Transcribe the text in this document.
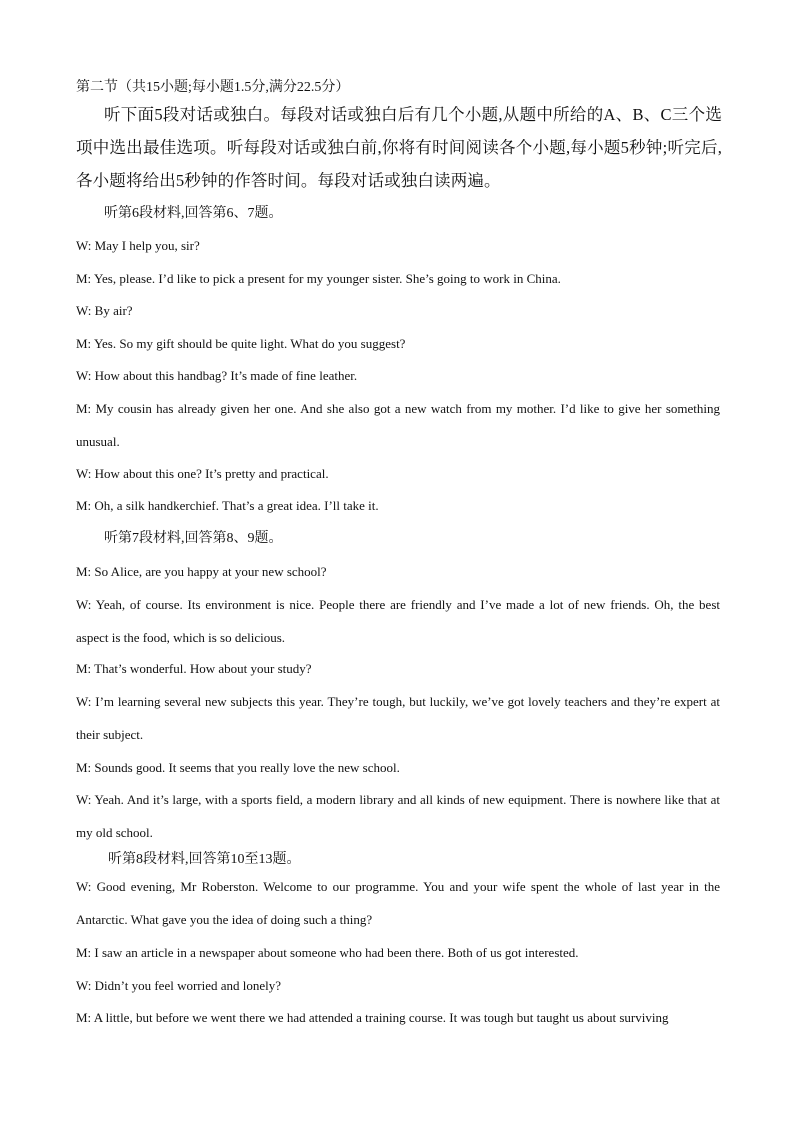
第二节（共15小题;每小题1.5分,满分22.5分）
听下面5段对话或独白。每段对话或独白后有几个小题,从题中所给的A、B、C三个选项中选出最佳选项。听每段对话或独白前,你将有时间阅读各个小题,每小题5秒钟;听完后,各小题将给出5秒钟的作答时间。每段对话或独白读两遍。
听第6段材料,回答第6、7题。
W: May I help you, sir?
M: Yes, please. I’d like to pick a present for my younger sister. She’s going to work in China.
W: By air?
M: Yes. So my gift should be quite light. What do you suggest?
W: How about this handbag? It’s made of fine leather.
M: My cousin has already given her one. And she also got a new watch from my mother. I’d like to give her something unusual.
W: How about this one? It’s pretty and practical.
M: Oh, a silk handkerchief. That’s a great idea. I’ll take it.
听第7段材料,回答第8、9题。
M: So Alice, are you happy at your new school?
W: Yeah, of course. Its environment is nice. People there are friendly and I’ve made a lot of new friends. Oh, the best aspect is the food, which is so delicious.
M: That’s wonderful. How about your study?
W: I’m learning several new subjects this year. They’re tough, but luckily, we’ve got lovely teachers and they’re expert at their subject.
M: Sounds good. It seems that you really love the new school.
W: Yeah. And it’s large, with a sports field, a modern library and all kinds of new equipment. There is nowhere like that at my old school.
听第8段材料,回答第10至13题。
W: Good evening, Mr Roberston. Welcome to our programme. You and your wife spent the whole of last year in the Antarctic. What gave you the idea of doing such a thing?
M: I saw an article in a newspaper about someone who had been there. Both of us got interested.
W: Didn’t you feel worried and lonely?
M: A little, but before we went there we had attended a training course. It was tough but taught us about surviving
